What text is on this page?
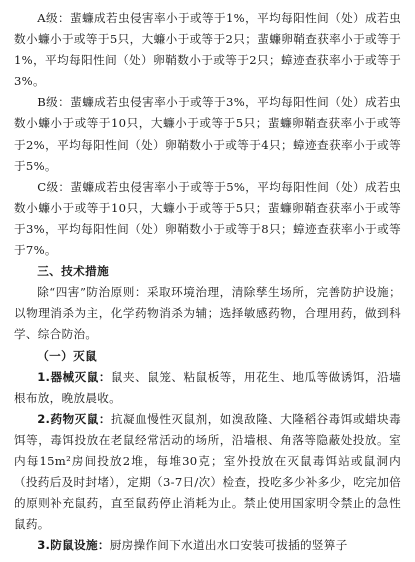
A级：蜚蠊成若虫侵害率小于或等于1%，平均每阳性间（处）成若虫数小蠊小于或等于5只，大蠊小于或等于2只；蜚蠊卵鞘查获率小于或等于1%，平均每阳性间（处）卵鞘数小于或等于2只；蟑迹查获率小于或等于3%。

B级：蜚蠊成若虫侵害率小于或等于3%，平均每阳性间（处）成若虫数小蠊小于或等于10只，大蠊小于或等于5只；蜚蠊卵鞘查获率小于或等于2%，平均每阳性间（处）卵鞘数小于或等于4只；蟑迹查获率小于或等于5%。

C级：蜚蠊成若虫侵害率小于或等于5%，平均每阳性间（处）成若虫数小蠊小于或等于10只，大蠊小于或等于5只；蜚蠊卵鞘查获率小于或等于3%，平均每阳性间（处）卵鞘数小于或等于8只；蟑迹查获率小于或等于7%。

三、技术措施

除“四害”防治原则：采取环境治理，清除孳生场所，完善防护设施；以物理消杀为主，化学药物消杀为辅；选择敏感药物，合理用药，做到科学、综合防治。

（一）灭鼠

1.器械灭鼠：鼠夹、鼠笼、粘鼠板等，用花生、地瓜等做诱饵，沿墙根布放，晚放晨收。

2.药物灭鼠：抗凝血慢性灭鼠剂，如溴敌隆、大隆稻谷毒饵或蜡块毒饵等，毒饵投放在老鼠经常活动的场所，沿墙根、角落等隐蔽处投放。室内每15m²房间投放2堆，每堆30克；室外投放在灭鼠毒饵站或鼠洞内（投药后及时封堵），定期（3-7日/次）检查，投吃多少补多少，吃完加倍的原则补充鼠药，直至鼠药停止消耗为止。禁止使用国家明令禁止的急性鼠药。

3.防鼠设施：厨房操作间下水道出水口安装可拔插的竖箅子
